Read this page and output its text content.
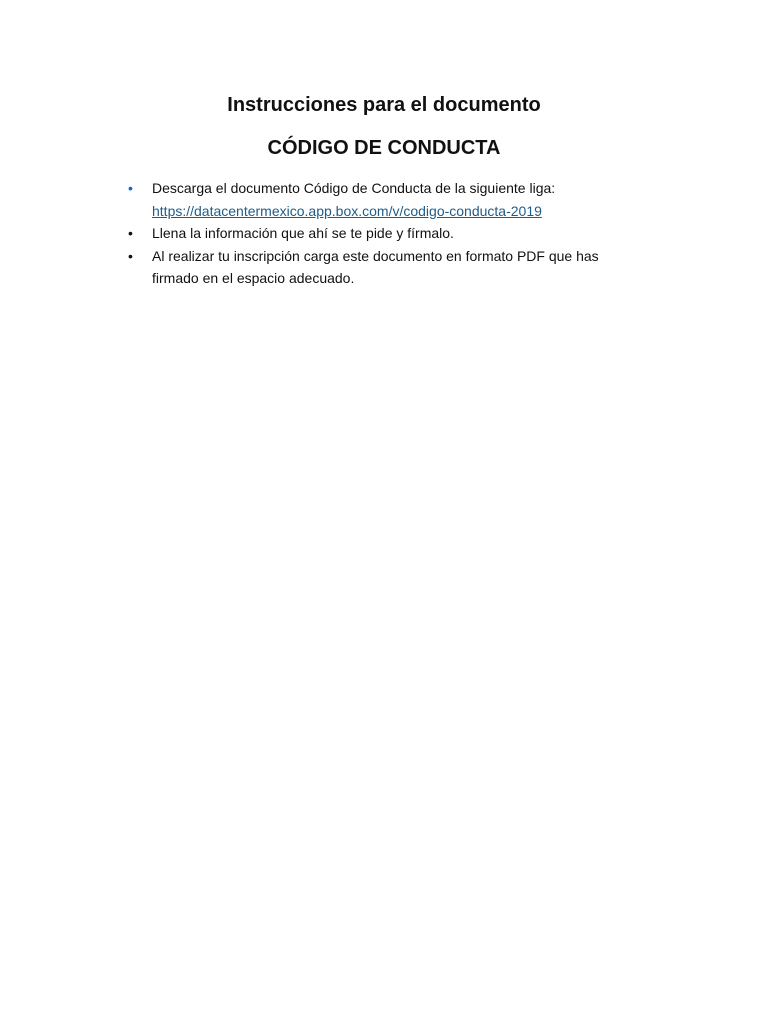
Instrucciones para el documento
CÓDIGO DE CONDUCTA
•	Descarga el documento Código de Conducta de la siguiente liga:
https://datacentermexico.app.box.com/v/codigo-conducta-2019
•	Llena la información que ahí se te pide y fírmalo.
•	Al realizar tu inscripción carga este documento en formato PDF que has
firmado en el espacio adecuado.
